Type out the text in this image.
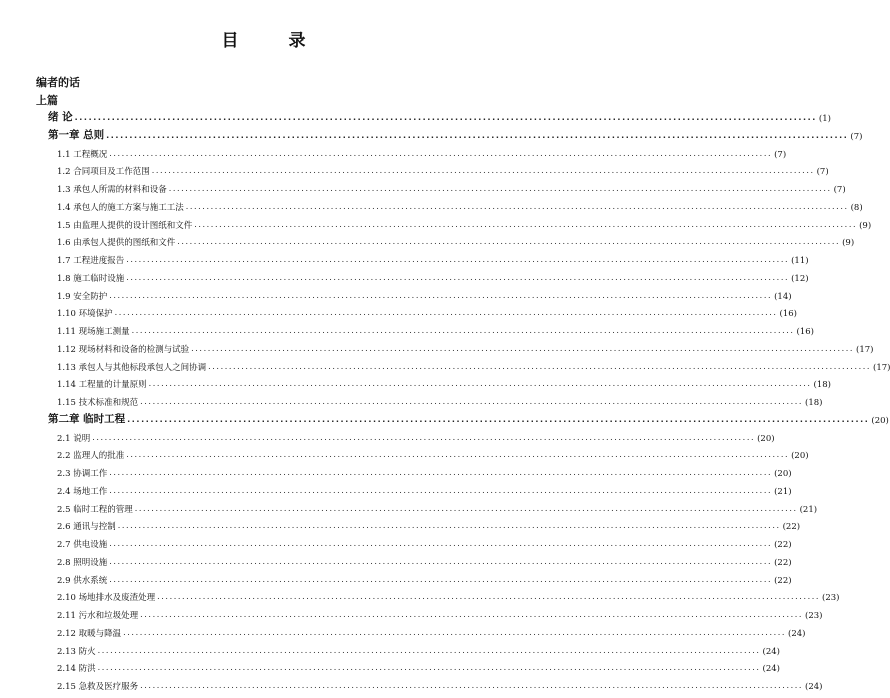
目 录
编者的话
上篇
绪 论 ................................................................................................................................................................ (1)
第一章 总则 ................................................................................................................................................................ (7)
1.1 工程概况 ................................................................................................................................................................ (7)
1.2 合同项目及工作范围 ................................................................................................................................................................ (7)
1.3 承包人所需的材料和设备 ................................................................................................................................................................ (7)
1.4 承包人的施工方案与施工工法 ................................................................................................................................................................ (8)
1.5 由监理人提供的设计图纸和文件 ................................................................................................................................................................ (9)
1.6 由承包人提供的图纸和文件 ................................................................................................................................................................ (9)
1.7 工程进度报告 ................................................................................................................................................................ (11)
1.8 施工临时设施 ................................................................................................................................................................ (12)
1.9 安全防护 ................................................................................................................................................................ (14)
1.10 环境保护 ................................................................................................................................................................ (16)
1.11 现场施工测量 ................................................................................................................................................................ (16)
1.12 现场材料和设备的检测与试验 ................................................................................................................................................................ (17)
1.13 承包人与其他标段承包人之间协调 ................................................................................................................................................................ (17)
1.14 工程量的计量原则 ................................................................................................................................................................ (18)
1.15 技术标准和规范 ................................................................................................................................................................ (18)
第二章 临时工程 ................................................................................................................................................................ (20)
2.1 说明 ................................................................................................................................................................ (20)
2.2 监理人的批准 ................................................................................................................................................................ (20)
2.3 协调工作 ................................................................................................................................................................ (20)
2.4 场地工作 ................................................................................................................................................................ (21)
2.5 临时工程的管理 ................................................................................................................................................................ (21)
2.6 通讯与控制 ................................................................................................................................................................ (22)
2.7 供电设施 ................................................................................................................................................................ (22)
2.8 照明设施 ................................................................................................................................................................ (22)
2.9 供水系统 ................................................................................................................................................................ (22)
2.10 场地排水及废渣处理 ................................................................................................................................................................ (23)
2.11 污水和垃圾处理 ................................................................................................................................................................ (23)
2.12 取暖与降温 ................................................................................................................................................................ (24)
2.13 防火 ................................................................................................................................................................ (24)
2.14 防洪 ................................................................................................................................................................ (24)
2.15 急救及医疗服务 ................................................................................................................................................................ (24)
